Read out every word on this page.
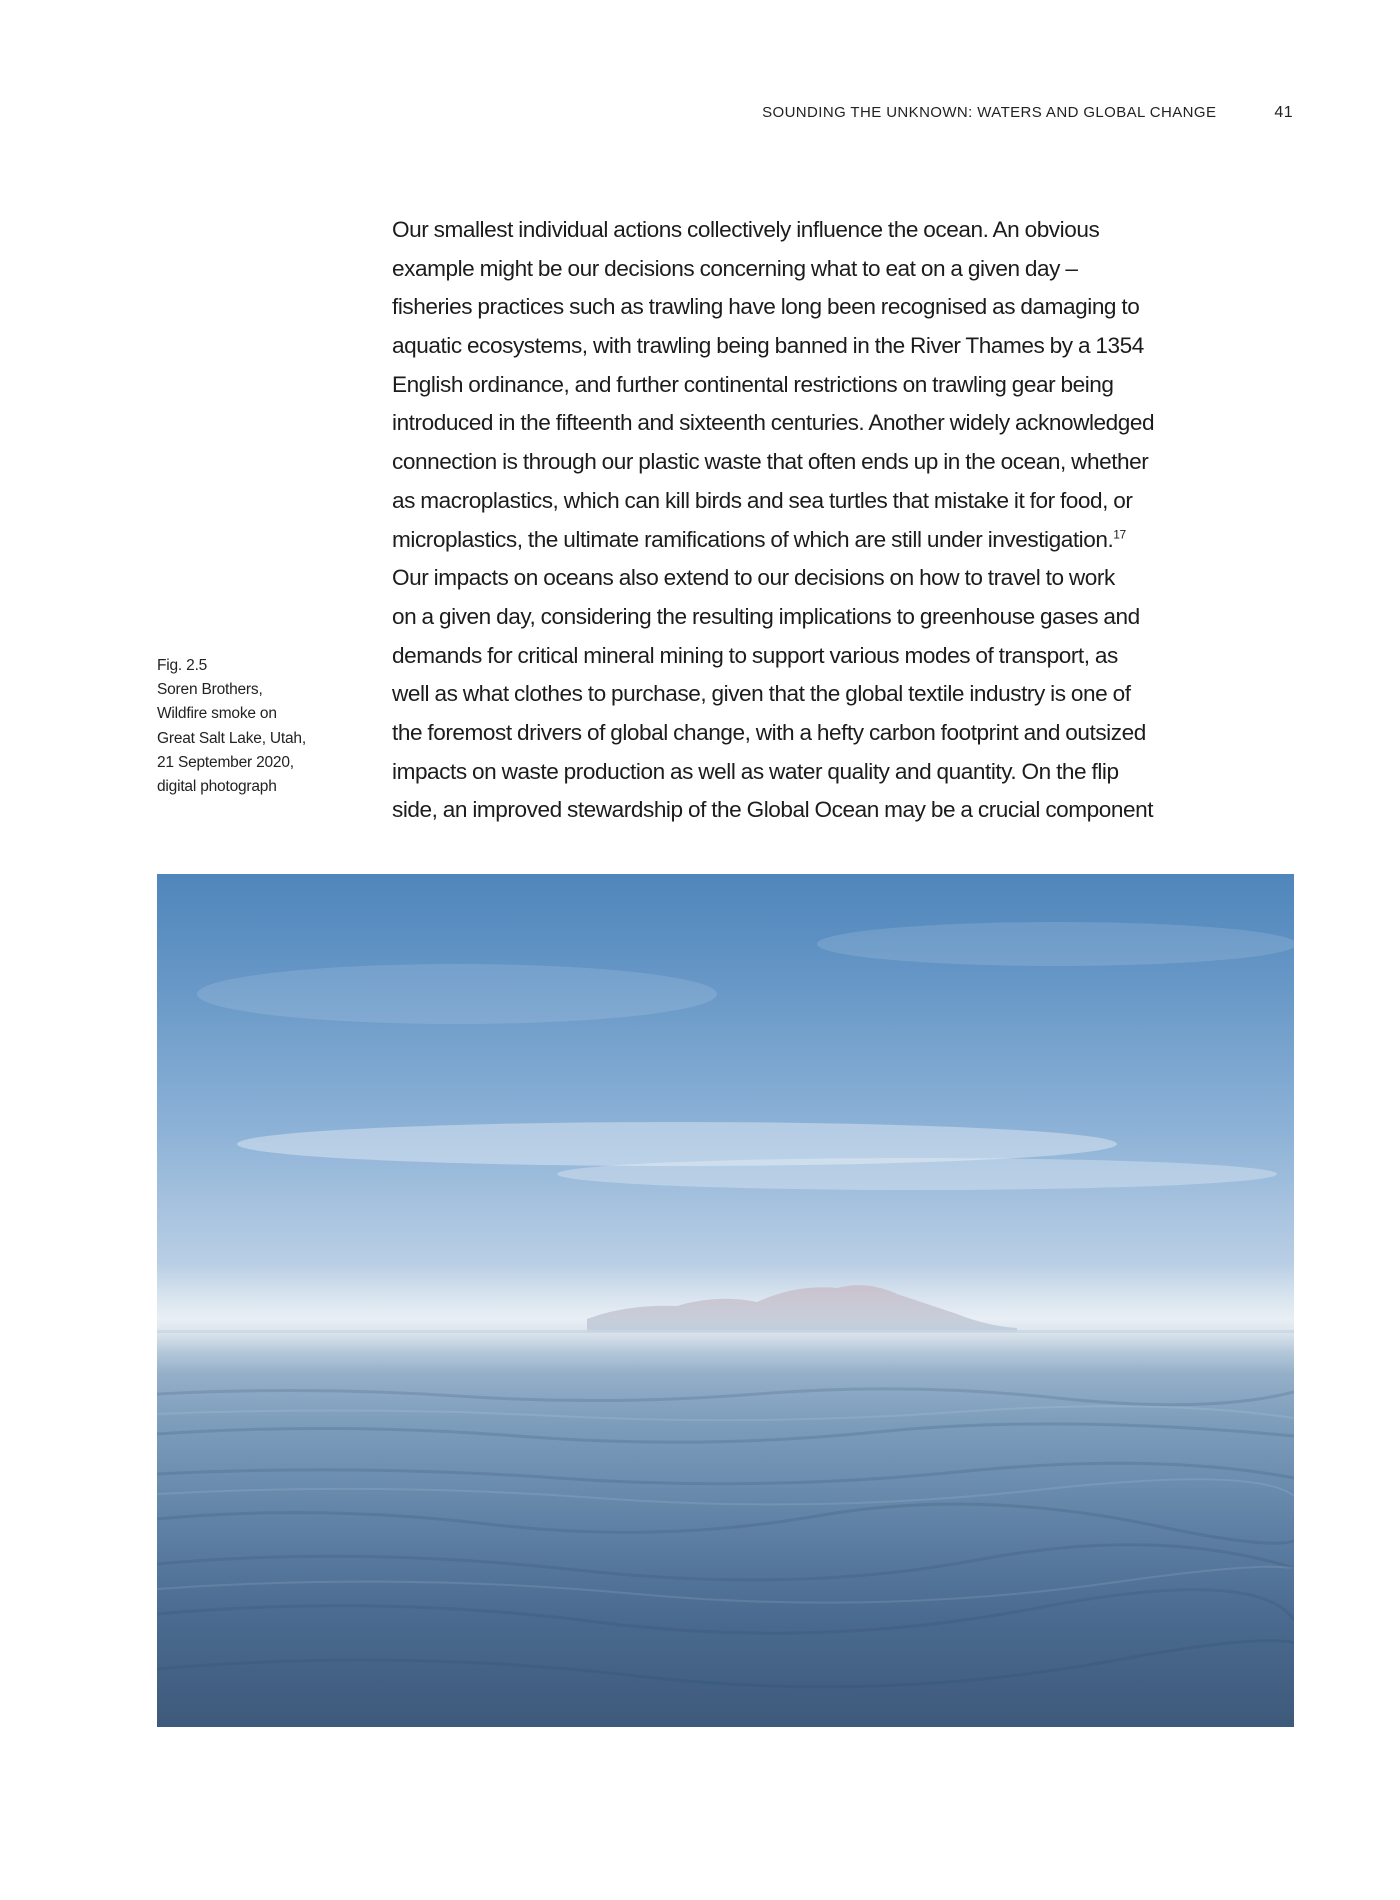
SOUNDING THE UNKNOWN: WATERS AND GLOBAL CHANGE	41
Fig. 2.5
Soren Brothers,
Wildfire smoke on
Great Salt Lake, Utah,
21 September 2020,
digital photograph
Our smallest individual actions collectively influence the ocean. An obvious
example might be our decisions concerning what to eat on a given day –
fisheries practices such as trawling have long been recognised as damaging to
aquatic ecosystems, with trawling being banned in the River Thames by a 1354
English ordinance, and further continental restrictions on trawling gear being
introduced in the fifteenth and sixteenth centuries. Another widely acknowledged
connection is through our plastic waste that often ends up in the ocean, whether
as macroplastics, which can kill birds and sea turtles that mistake it for food, or
microplastics, the ultimate ramifications of which are still under investigation.$^{17}$
Our impacts on oceans also extend to our decisions on how to travel to work
on a given day, considering the resulting implications to greenhouse gases and
demands for critical mineral mining to support various modes of transport, as
well as what clothes to purchase, given that the global textile industry is one of
the foremost drivers of global change, with a hefty carbon footprint and outsized
impacts on waste production as well as water quality and quantity. On the flip
side, an improved stewardship of the Global Ocean may be a crucial component
